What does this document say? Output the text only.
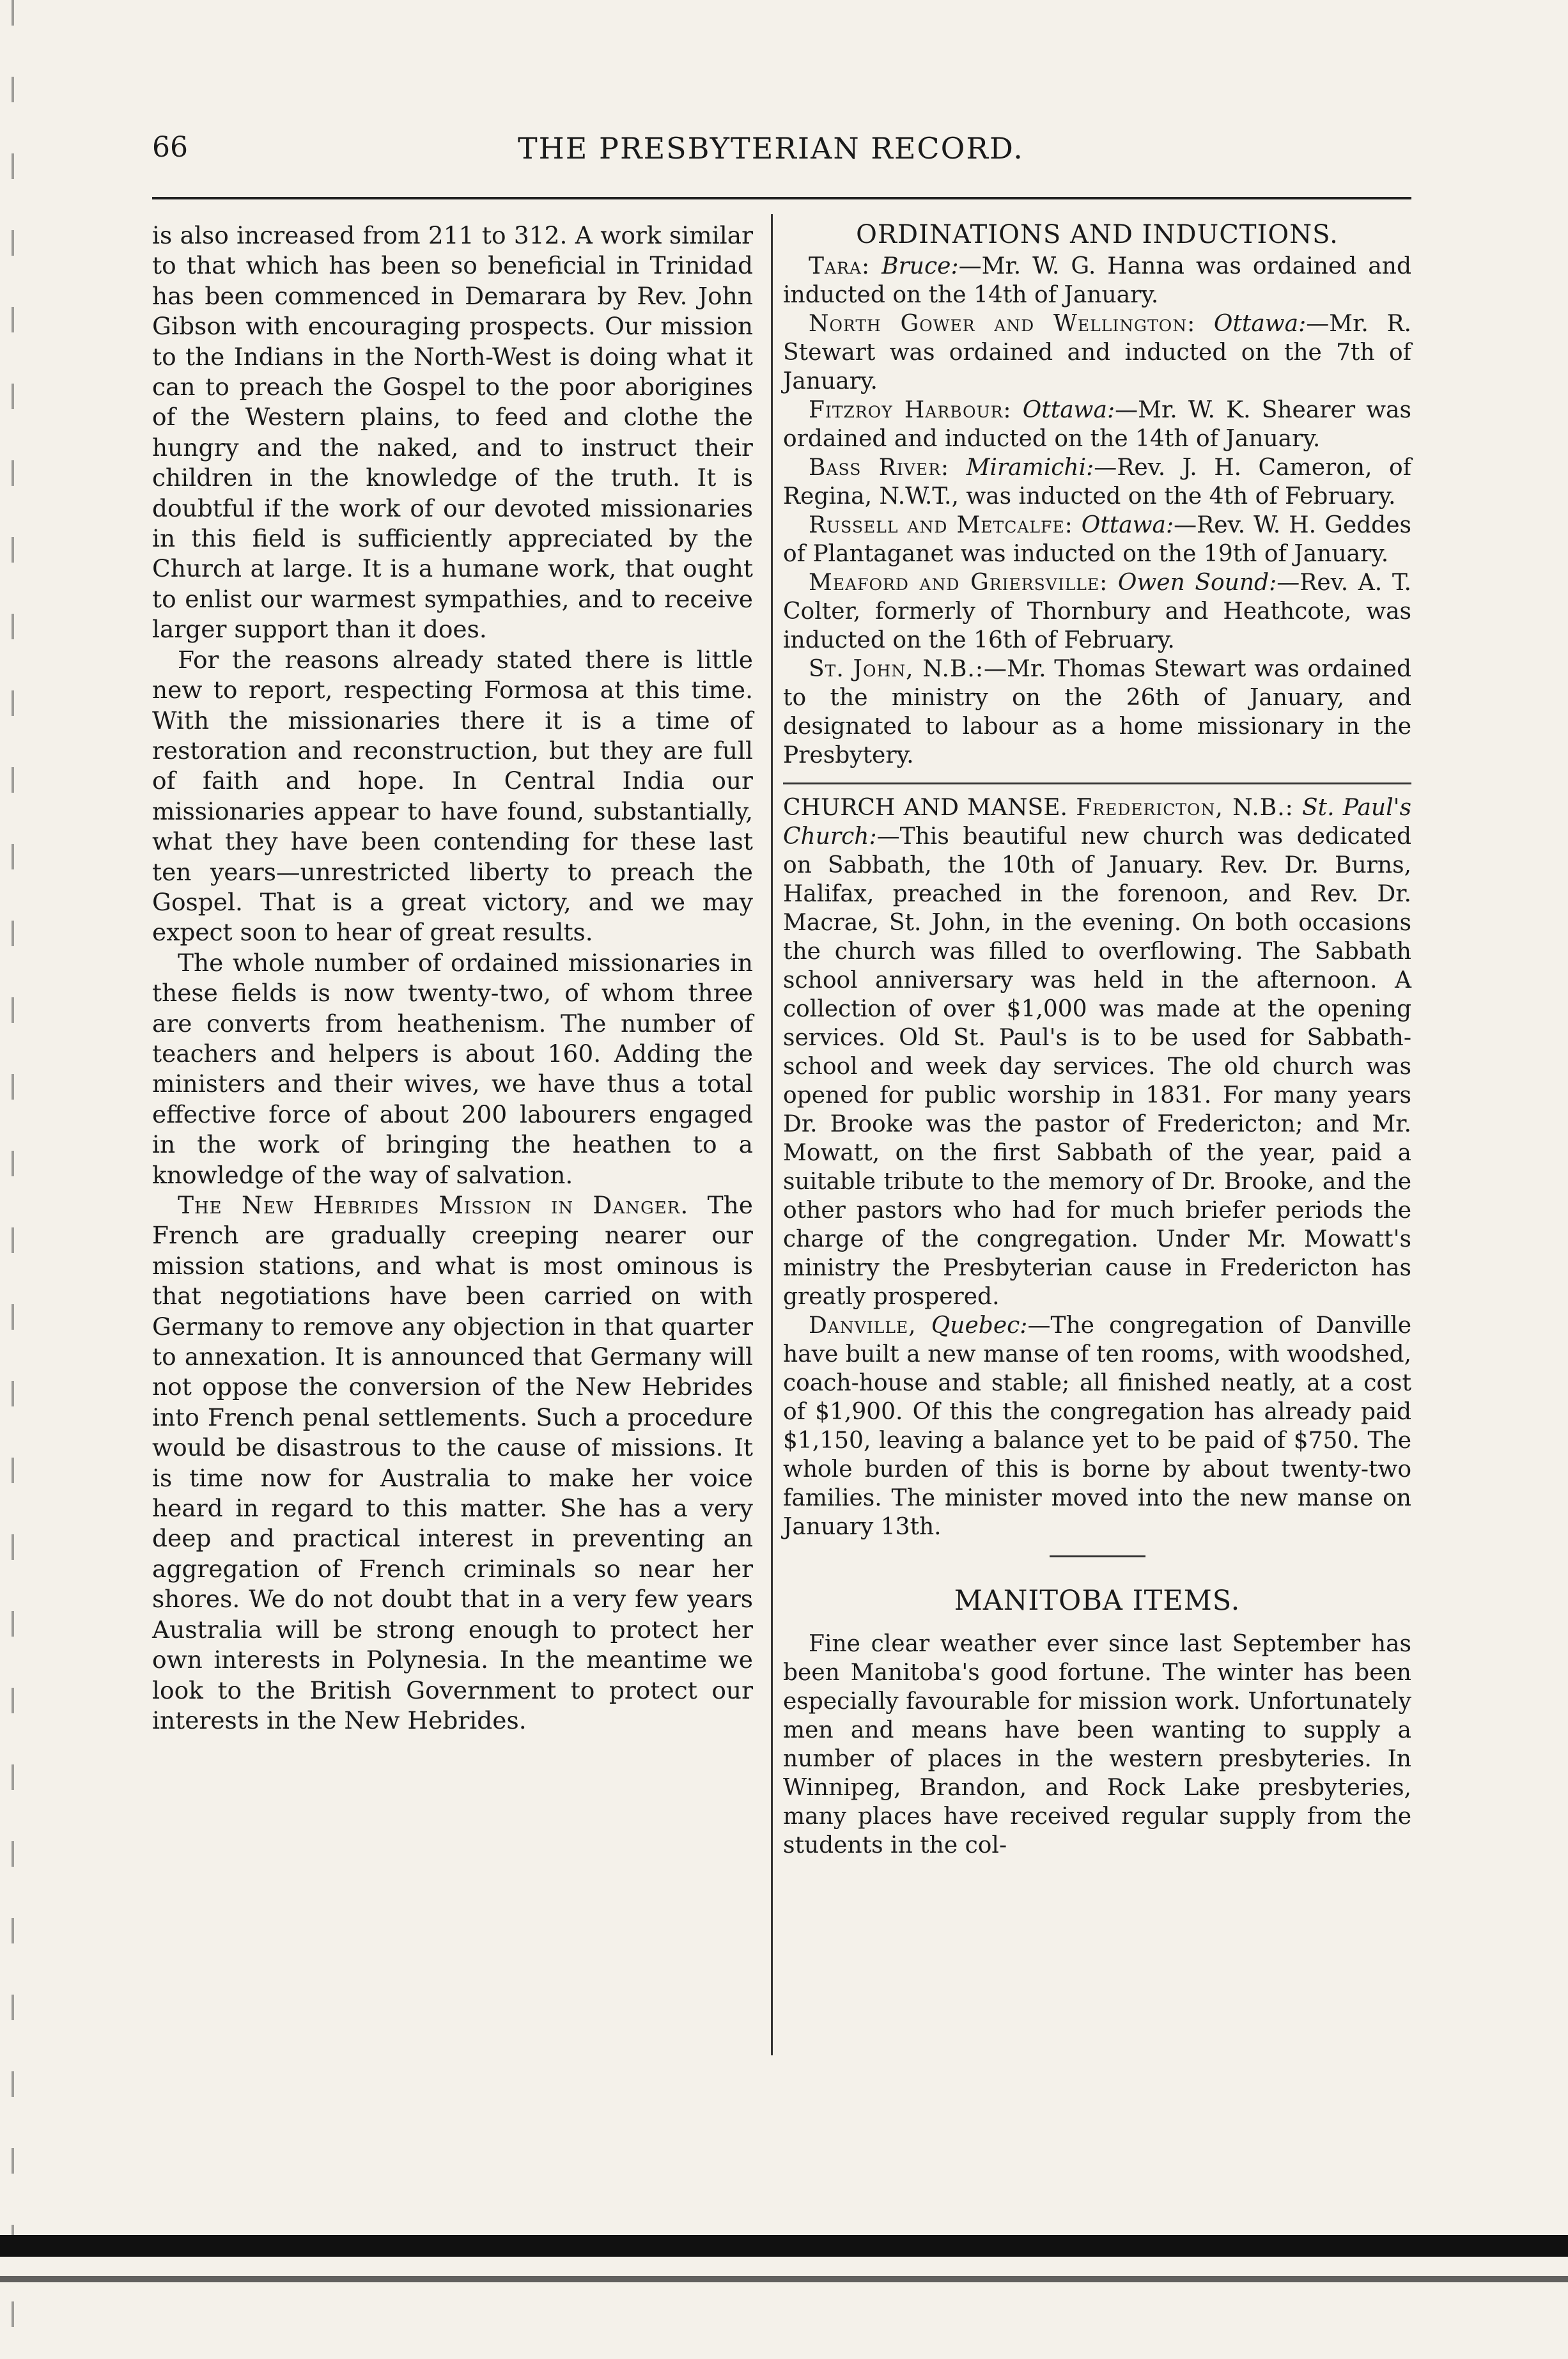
66	THE PRESBYTERIAN RECORD.

is also increased from 211 to 312. A work similar to that which has been so beneficial in Trinidad has been commenced in Demarara by Rev. John Gibson with encouraging prospects. Our mission to the Indians in the North-West is doing what it can to preach the Gospel to the poor aborigines of the Western plains, to feed and clothe the hungry and the naked, and to instruct their children in the knowledge of the truth. It is doubtful if the work of our devoted missionaries in this field is sufficiently appreciated by the Church at large. It is a humane work, that ought to enlist our warmest sympathies, and to receive larger support than it does.

For the reasons already stated there is little new to report, respecting Formosa at this time. With the missionaries there it is a time of restoration and reconstruction, but they are full of faith and hope. In Central India our missionaries appear to have found, substantially, what they have been contending for these last ten years—unrestricted liberty to preach the Gospel. That is a great victory, and we may expect soon to hear of great results.

The whole number of ordained missionaries in these fields is now twenty-two, of whom three are converts from heathenism. The number of teachers and helpers is about 160. Adding the ministers and their wives, we have thus a total effective force of about 200 labourers engaged in the work of bringing the heathen to a knowledge of the way of salvation.

The New Hebrides Mission in Danger. The French are gradually creeping nearer our mission stations, and what is most ominous is that negotiations have been carried on with Germany to remove any objection in that quarter to annexation. It is announced that Germany will not oppose the conversion of the New Hebrides into French penal settlements. Such a procedure would be disastrous to the cause of missions. It is time now for Australia to make her voice heard in regard to this matter. She has a very deep and practical interest in preventing an aggregation of French criminals so near her shores. We do not doubt that in a very few years Australia will be strong enough to protect her own interests in Polynesia. In the meantime we look to the British Government to protect our interests in the New Hebrides.

ORDINATIONS AND INDUCTIONS.

Tara: Bruce:—Mr. W. G. Hanna was ordained and inducted on the 14th of January.

North Gower and Wellington: Ottawa:—Mr. R. Stewart was ordained and inducted on the 7th of January.

Fitzroy Harbour: Ottawa:—Mr. W. K. Shearer was ordained and inducted on the 14th of January.

Bass River: Miramichi:—Rev. J. H. Cameron, of Regina, N.W.T., was inducted on the 4th of February.

Russell and Metcalfe: Ottawa:—Rev. W. H. Geddes of Plantaganet was inducted on the 19th of January.

Meaford and Griersville: Owen Sound:—Rev. A. T. Colter, formerly of Thornbury and Heathcote, was inducted on the 16th of February.

St. John, N.B.:—Mr. Thomas Stewart was ordained to the ministry on the 26th of January, and designated to labour as a home missionary in the Presbytery.

CHURCH AND MANSE. Fredericton, N.B.: St. Paul's Church:—This beautiful new church was dedicated on Sabbath, the 10th of January. Rev. Dr. Burns, Halifax, preached in the forenoon, and Rev. Dr. Macrae, St. John, in the evening. On both occasions the church was filled to overflowing. The Sabbath school anniversary was held in the afternoon. A collection of over $1,000 was made at the opening services. Old St. Paul's is to be used for Sabbath-school and week day services. The old church was opened for public worship in 1831. For many years Dr. Brooke was the pastor of Fredericton; and Mr. Mowatt, on the first Sabbath of the year, paid a suitable tribute to the memory of Dr. Brooke, and the other pastors who had for much briefer periods the charge of the congregation. Under Mr. Mowatt's ministry the Presbyterian cause in Fredericton has greatly prospered.

Danville, Quebec:—The congregation of Danville have built a new manse of ten rooms, with woodshed, coach-house and stable; all finished neatly, at a cost of $1,900. Of this the congregation has already paid $1,150, leaving a balance yet to be paid of $750. The whole burden of this is borne by about twenty-two families. The minister moved into the new manse on January 13th.

MANITOBA ITEMS.

Fine clear weather ever since last September has been Manitoba's good fortune. The winter has been especially favourable for mission work. Unfortunately men and means have been wanting to supply a number of places in the western presbyteries. In Winnipeg, Brandon, and Rock Lake presbyteries, many places have received regular supply from the students in the col-
